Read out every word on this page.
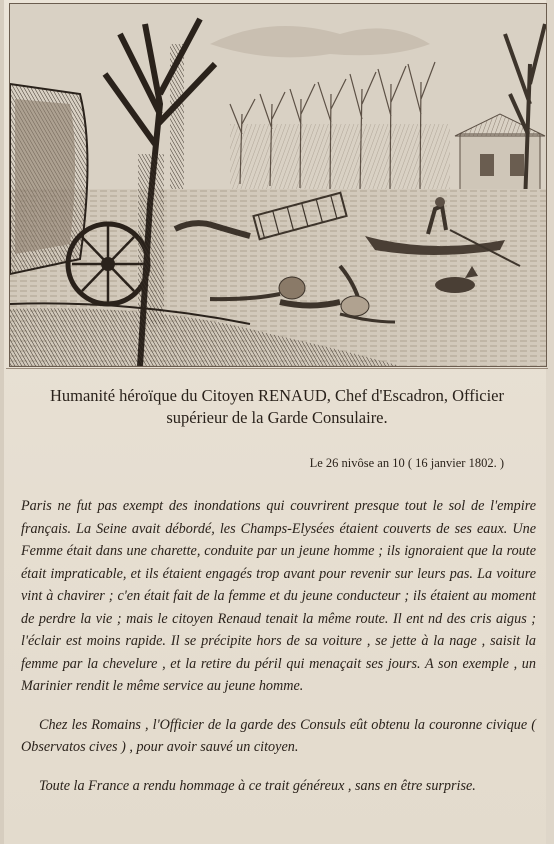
Humanité héroïque du Citoyen RENAUD, Chef d'Escadron, Officier
supérieur de la Garde Consulaire.
Le 26 nivôse an 10 ( 16 janvier 1802. )

Paris ne fut pas exempt des inondations qui couvrirent presque tout le sol de l'empire français. La Seine avait débordé, les Champs-Elysées étaient couverts de ses eaux. Une Femme était dans une charette, conduite par un jeune homme ; ils ignoraient que la route était impraticable, et ils étaient engagés trop avant pour revenir sur leurs pas. La voiture vint à chavirer ; c'en était fait de la femme et du jeune conducteur ; ils étaient au moment de perdre la vie ; mais le citoyen Renaud tenait la même route. Il ent nd des cris aigus ; l'éclair est moins rapide. Il se précipite hors de sa voiture , se jette à la nage , saisit la femme par la chevelure , et la retire du péril qui menaçait ses jours. A son exemple , un Marinier rendit le même service au jeune homme.

Chez les Romains , l'Officier de la garde des Consuls eût obtenu la couronne civique ( Observatos cives ) , pour avoir sauvé un citoyen.

Toute la France a rendu hommage à ce trait généreux , sans en être surprise.
